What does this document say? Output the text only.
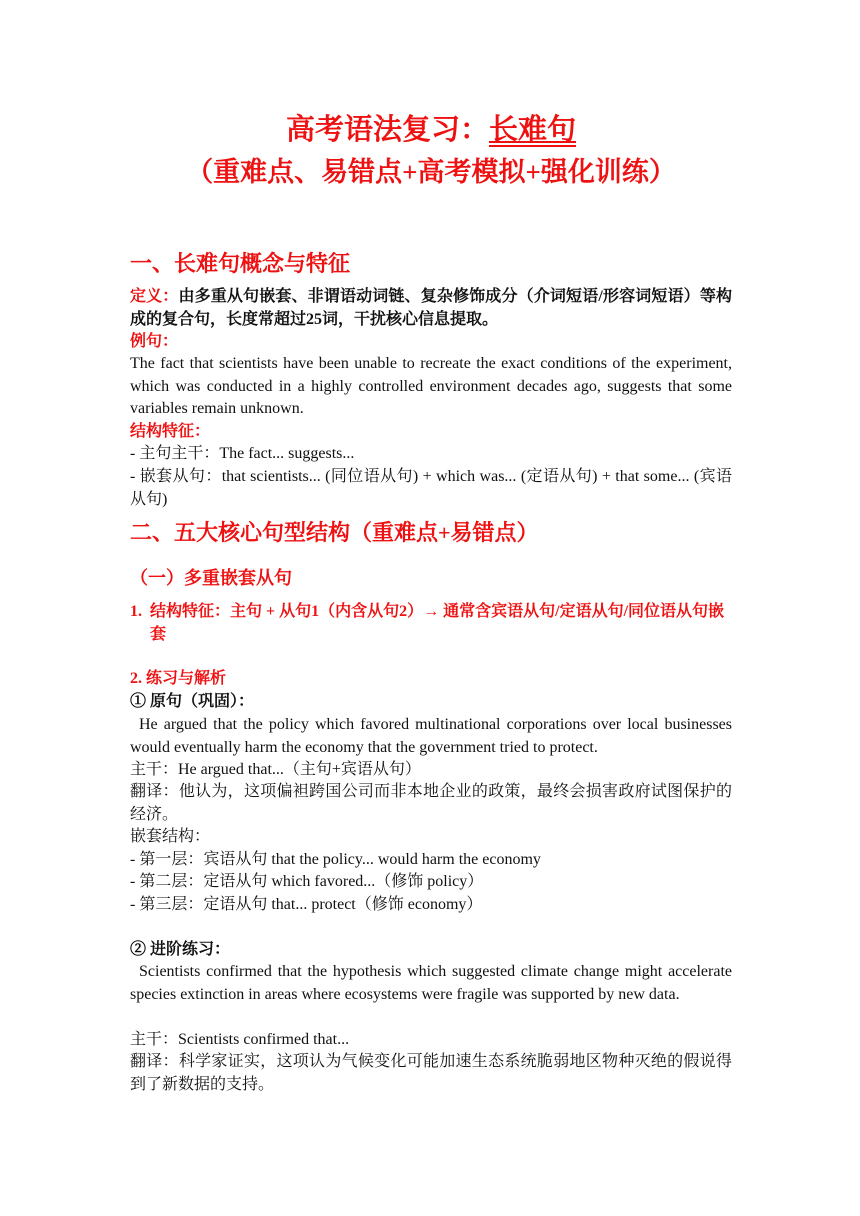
高考语法复习：长难句
（重难点、易错点+高考模拟+强化训练）
一、长难句概念与特征
定义：由多重从句嵌套、非谓语动词链、复杂修饰成分（介词短语/形容词短语）等构成的复合句，长度常超过25词，干扰核心信息提取。
例句：
The fact that scientists have been unable to recreate the exact conditions of the experiment, which was conducted in a highly controlled environment decades ago, suggests that some variables remain unknown.
结构特征：
- 主句主干：The fact... suggests...
- 嵌套从句：that scientists... (同位语从句) + which was... (定语从句) + that some... (宾语从句)
二、五大核心句型结构（重难点+易错点）
（一）多重嵌套从句
1. 结构特征：主句 + 从句1（内含从句2）→ 通常含宾语从句/定语从句/同位语从句嵌套
2. 练习与解析
① 原句（巩固）：
He argued that the policy which favored multinational corporations over local businesses would eventually harm the economy that the government tried to protect.
主干：He argued that...（主句+宾语从句）
翻译：他认为，这项偏袒跨国公司而非本地企业的政策，最终会损害政府试图保护的经济。
嵌套结构：
- 第一层：宾语从句 that the policy... would harm the economy
- 第二层：定语从句 which favored...（修饰 policy）
- 第三层：定语从句 that... protect（修饰 economy）
② 进阶练习：
Scientists confirmed that the hypothesis which suggested climate change might accelerate species extinction in areas where ecosystems were fragile was supported by new data.
主干：Scientists confirmed that...
翻译：科学家证实，这项认为气候变化可能加速生态系统脆弱地区物种灭绝的假说得到了新数据的支持。
